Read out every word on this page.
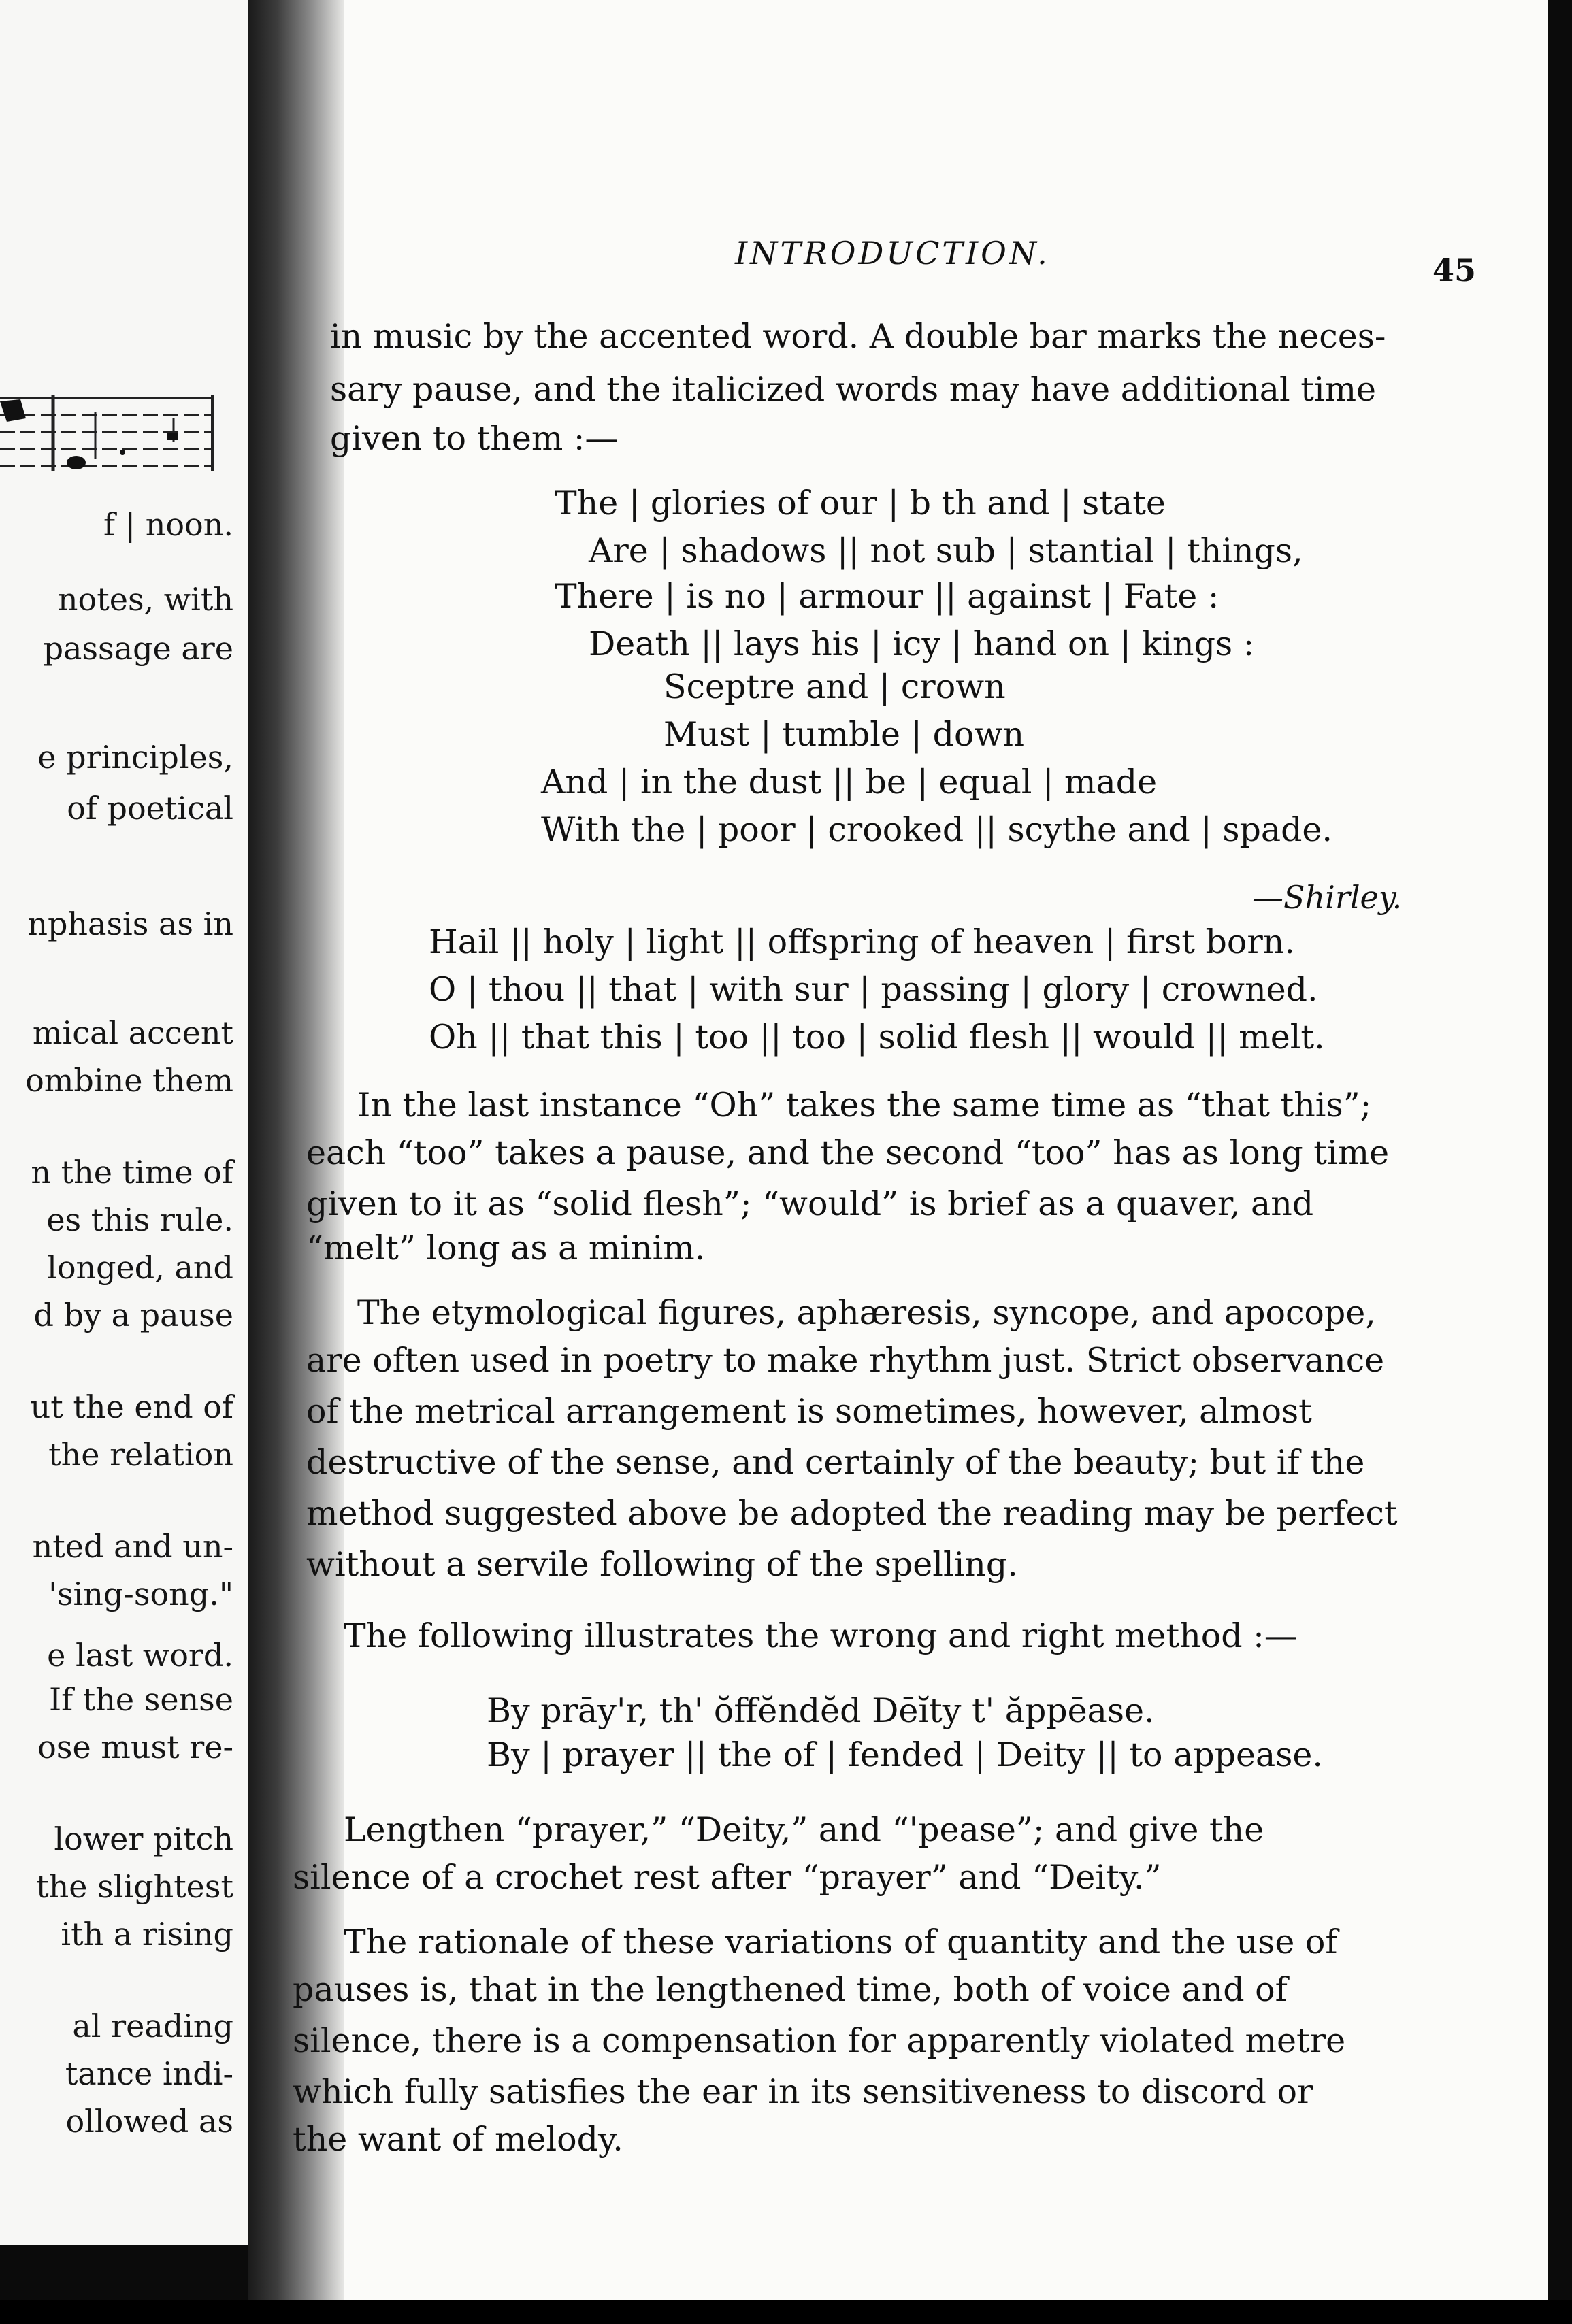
f | noon.
notes, with
passage are
e principles,
of poetical
nphasis as in
mical accent
ombine them
n the time of
es this rule.
longed, and
d by a pause
ut the end of
the relation
nted and un-
'sing-song."
e last word.
If the sense
ose must re-
lower pitch
the slightest
ith a rising
al reading
tance indi-
ollowed as
INTRODUCTION.	45
in music by the accented word. A double bar marks the neces-
sary pause, and the italicized words may have additional time
given to them :—
The | glories of our | b th and | state
Are | shadows || not sub | stantial | things,
There | is no | armour || against | Fate :
Death || lays his | icy | hand on | kings :
Sceptre and | crown
Must | tumble | down
And | in the dust || be | equal | made
With the | poor | crooked || scythe and | spade.
—Shirley.
Hail || holy | light || offspring of heaven | first born.
O | thou || that | with sur | passing | glory | crowned.
Oh || that this | too || too | solid flesh || would || melt.
In the last instance “Oh” takes the same time as “that this”;
each “too” takes a pause, and the second “too” has as long time
given to it as “solid flesh”; “would” is brief as a quaver, and
“melt” long as a minim.
The etymological figures, aphæresis, syncope, and apocope,
are often used in poetry to make rhythm just. Strict observance
of the metrical arrangement is sometimes, however, almost
destructive of the sense, and certainly of the beauty; but if the
method suggested above be adopted the reading may be perfect
without a servile following of the spelling.
The following illustrates the wrong and right method :—
By prāy'r, th' ŏffĕndĕd Dēĭty t' ăppēase.
By | prayer || the of | fended | Deity || to appease.
Lengthen “prayer,” “Deity,” and “'pease”; and give the
silence of a crochet rest after “prayer” and “Deity.”
The rationale of these variations of quantity and the use of
pauses is, that in the lengthened time, both of voice and of
silence, there is a compensation for apparently violated metre
which fully satisfies the ear in its sensitiveness to discord or
the want of melody.
